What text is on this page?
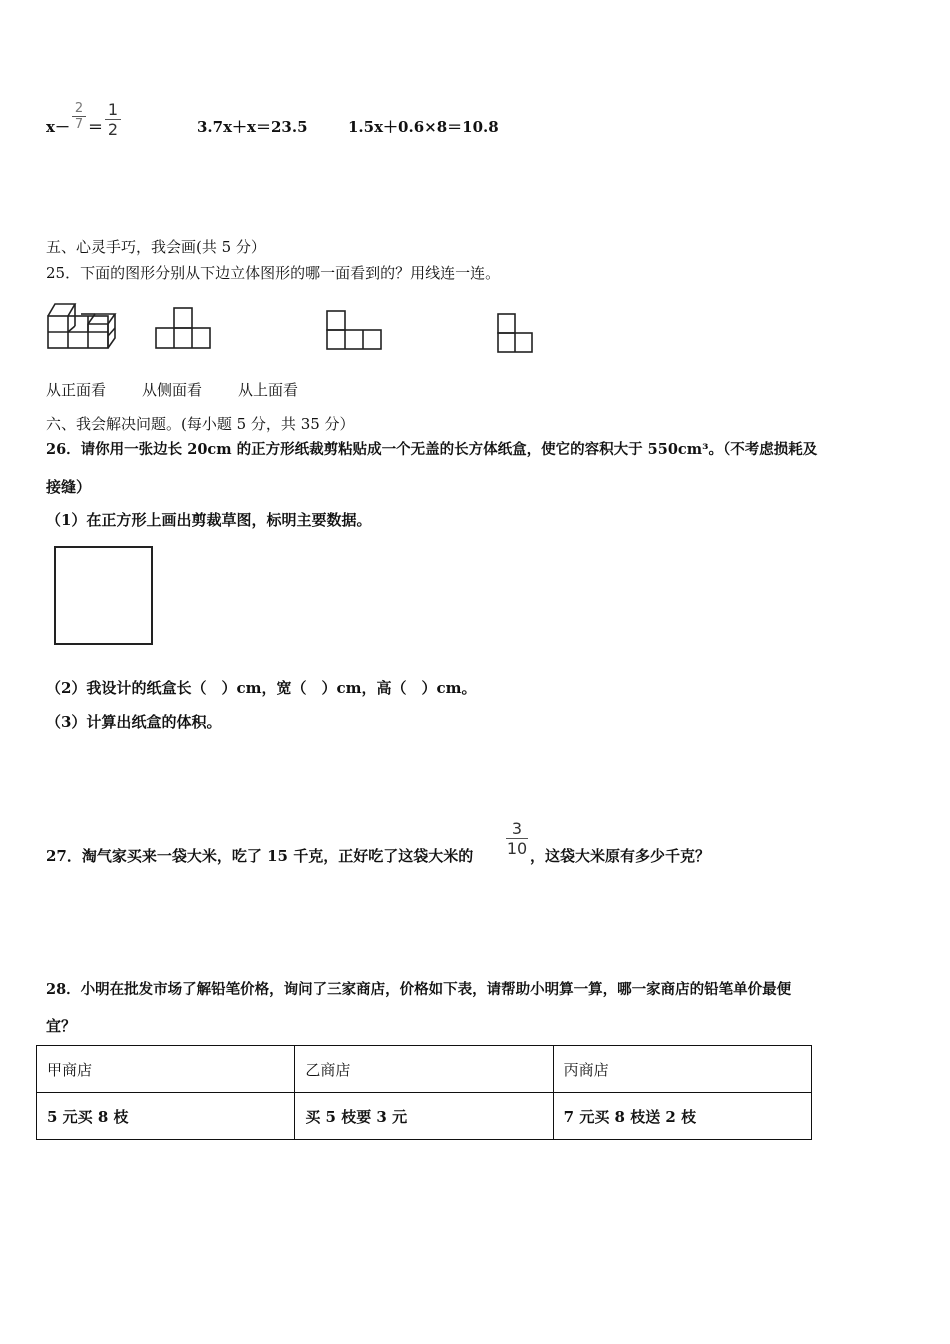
x－
2
7 ＝
1
2	3.7x＋x＝23.5	1.5x＋0.6×8＝10.8
五、心灵手巧，我会画(共 5 分）
25．下面的图形分别从下边立体图形的哪一面看到的？用线连一连。
从正面看 从侧面看 从上面看
六、我会解决问题。(每小题 5 分，共 35 分）
26．请你用一张边长 20cm 的正方形纸裁剪粘贴成一个无盖的长方体纸盒，使它的容积大于 550cm³。（不考虑损耗及
接缝）
（1）在正方形上画出剪裁草图，标明主要数据。
（2）我设计的纸盒长（　）cm，宽（　）cm，高（　）cm。
（3）计算出纸盒的体积。
27．淘气家买来一袋大米，吃了 15 千克，正好吃了这袋大米的
3
10 ，这袋大米原有多少千克？
28．小明在批发市场了解铅笔价格，询问了三家商店，价格如下表，请帮助小明算一算，哪一家商店的铅笔单价最便
宜？
甲商店	乙商店	丙商店
5 元买 8 枝	买 5 枝要 3 元	7 元买 8 枝送 2 枝
